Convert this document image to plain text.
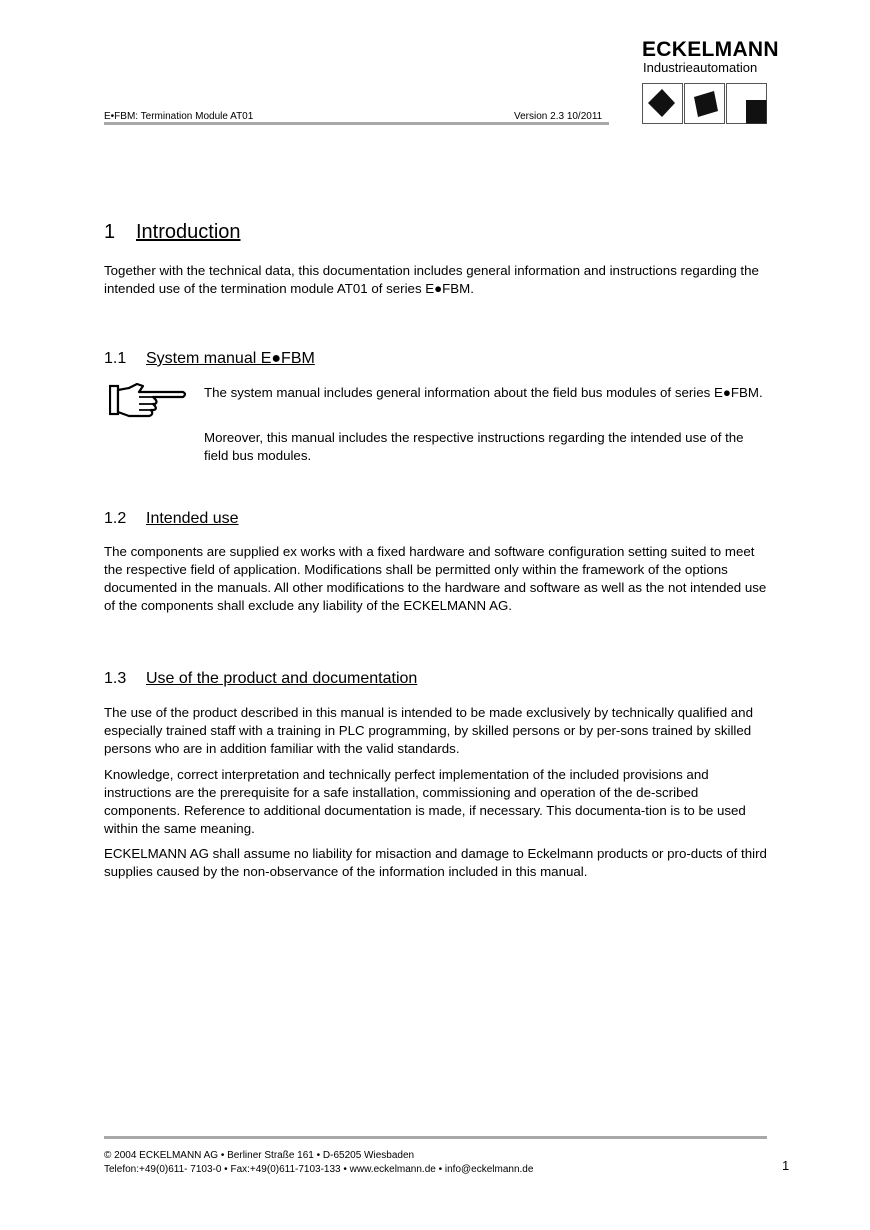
E•FBM: Termination Module AT01	Version 2.3 10/2011
ECKELMANN
Industrieautomation
1 Introduction

Together with the technical data, this documentation includes general information and instructions regarding the intended use of the termination module AT01 of series E●FBM.

1.1 System manual E●FBM

The system manual includes general information about the field bus modules of series E●FBM.

Moreover, this manual includes the respective instructions regarding the intended use of the field bus modules.

1.2 Intended use

The components are supplied ex works with a fixed hardware and software configuration setting suited to meet the respective field of application. Modifications shall be permitted only within the framework of the options documented in the manuals. All other modifications to the hardware and software as well as the not intended use of the components shall exclude any liability of the ECKELMANN AG.

1.3 Use of the product and documentation

The use of the product described in this manual is intended to be made exclusively by technically qualified and especially trained staff with a training in PLC programming, by skilled persons or by per-sons trained by skilled persons who are in addition familiar with the valid standards.

Knowledge, correct interpretation and technically perfect implementation of the included provisions and instructions are the prerequisite for a safe installation, commissioning and operation of the de-scribed components. Reference to additional documentation is made, if necessary. This documenta-tion is to be used within the same meaning.

ECKELMANN AG shall assume no liability for misaction and damage to Eckelmann products or pro-ducts of third supplies caused by the non-observance of the information included in this manual.

© 2004 ECKELMANN AG • Berliner Straße 161 • D-65205 Wiesbaden
Telefon:+49(0)611- 7103-0 • Fax:+49(0)611-7103-133 • www.eckelmann.de • info@eckelmann.de	1
